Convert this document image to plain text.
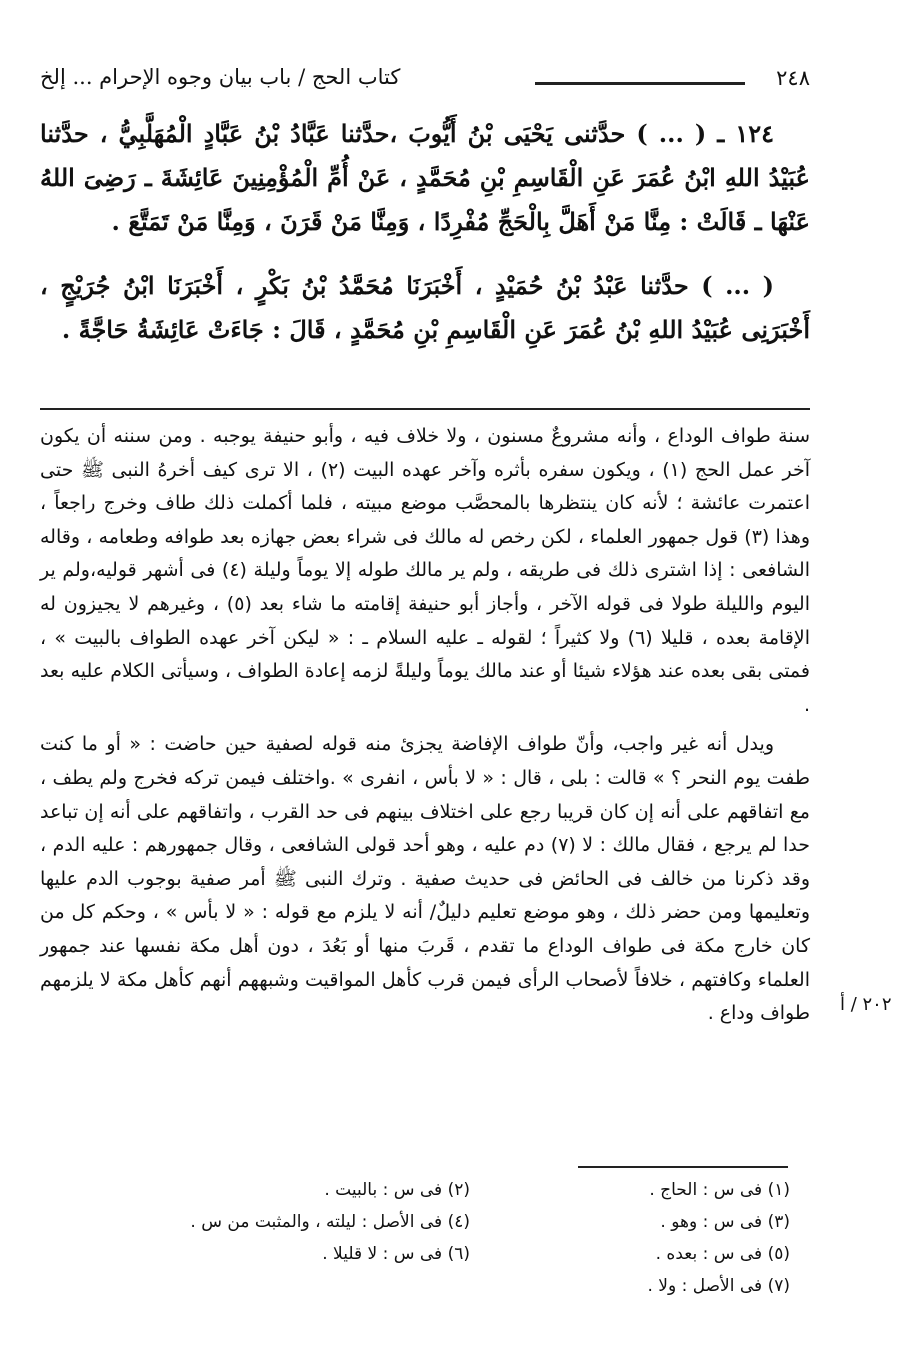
٢٤٨
كتاب الحج / باب بيان وجوه الإحرام ... إلخ

١٢٤ ـ ( ... ) حدَّثنى يَحْيَى بْنُ أَيُّوبَ ،حدَّثنا عَبَّادُ بْنُ عَبَّادٍ الْمُهَلَّبِيُّ ، حدَّثنا عُبَيْدُ اللهِ ابْنُ عُمَرَ عَنِ الْقَاسِمِ بْنِ مُحَمَّدٍ ، عَنْ أُمِّ الْمُؤْمِنِينَ عَائِشَةَ ـ رَضِىَ اللهُ عَنْهَا ـ قَالَتْ : مِنَّا مَنْ أَهَلَّ بِالْحَجِّ مُفْرِدًا ، وَمِنَّا مَنْ قَرَنَ ، وَمِنَّا مَنْ تَمَتَّعَ .

( ... ) حدَّثنا عَبْدُ بْنُ حُمَيْدٍ ، أَخْبَرَنَا مُحَمَّدُ بْنُ بَكْرٍ ، أَخْبَرَنَا ابْنُ جُرَيْجٍ ، أَخْبَرَنِى عُبَيْدُ اللهِ بْنُ عُمَرَ عَنِ الْقَاسِمِ بْنِ مُحَمَّدٍ ، قَالَ : جَاءَتْ عَائِشَةُ حَاجَّةً .

سنة طواف الوداع ، وأنه مشروعٌ مسنون ، ولا خلاف فيه ، وأبو حنيفة يوجبه . ومن سننه أن يكون آخر عمل الحج (١) ، ويكون سفره بأثره وآخر عهده البيت (٢) ، الا ترى كيف أخرهُ النبى ﷺ حتى اعتمرت عائشة ؛ لأنه كان ينتظرها بالمحصَّب موضع مبيته ، فلما أكملت ذلك طاف وخرج راجعاً ، وهذا (٣) قول جمهور العلماء ، لكن رخص له مالك فى شراء بعض جهازه بعد طوافه وطعامه ، وقاله الشافعى : إذا اشترى ذلك فى طريقه ، ولم ير مالك طوله إلا يوماً وليلة (٤) فى أشهر قوليه،ولم ير اليوم والليلة طولا فى قوله الآخر ، وأجاز أبو حنيفة إقامته ما شاء بعد (٥) ، وغيرهم لا يجيزون له الإقامة بعده ، قليلا (٦) ولا كثيراً ؛ لقوله ـ عليه السلام ـ : « ليكن آخر عهده الطواف بالبيت » ، فمتى بقى بعده عند هؤلاء شيئا أو عند مالك يوماً وليلةً لزمه إعادة الطواف ، وسيأتى الكلام عليه بعد .

ويدل أنه غير واجب، وأنّ طواف الإفاضة يجزئ منه قوله لصفية حين حاضت : « أو ما كنت طفت يوم النحر ؟ » قالت : بلى ، قال : « لا بأس ، انفرى » .واختلف فيمن تركه فخرج ولم يطف ، مع اتفاقهم على أنه إن كان قريبا رجع على اختلاف بينهم فى حد القرب ، واتفاقهم على أنه إن تباعد حدا لم يرجع ، فقال مالك : لا (٧) دم عليه ، وهو أحد قولى الشافعى ، وقال جمهورهم : عليه الدم ، وقد ذكرنا من خالف فى الحائض فى حديث صفية . وترك النبى ﷺ أمر صفية بوجوب الدم عليها وتعليمها ومن حضر ذلك ، وهو موضع تعليم دليلٌ/ أنه لا يلزم مع قوله : « لا بأس » ، وحكم كل من كان خارج مكة فى طواف الوداع ما تقدم ، قَربَ منها أو بَعُدَ ، دون أهل مكة نفسها عند جمهور العلماء وكافتهم ، خلافاً لأصحاب الرأى فيمن قرب كأهل المواقيت وشبههم أنهم كأهل مكة لا يلزمهم طواف وداع . ٢٠٢ / أ
(١) فى س : الحاج .
(٢) فى س : بالبيت .
(٣) فى س : وهو .
(٤) فى الأصل : ليلته ، والمثبت من س .
(٥) فى س : بعده .
(٦) فى س : لا قليلا .
(٧) فى الأصل : ولا .
